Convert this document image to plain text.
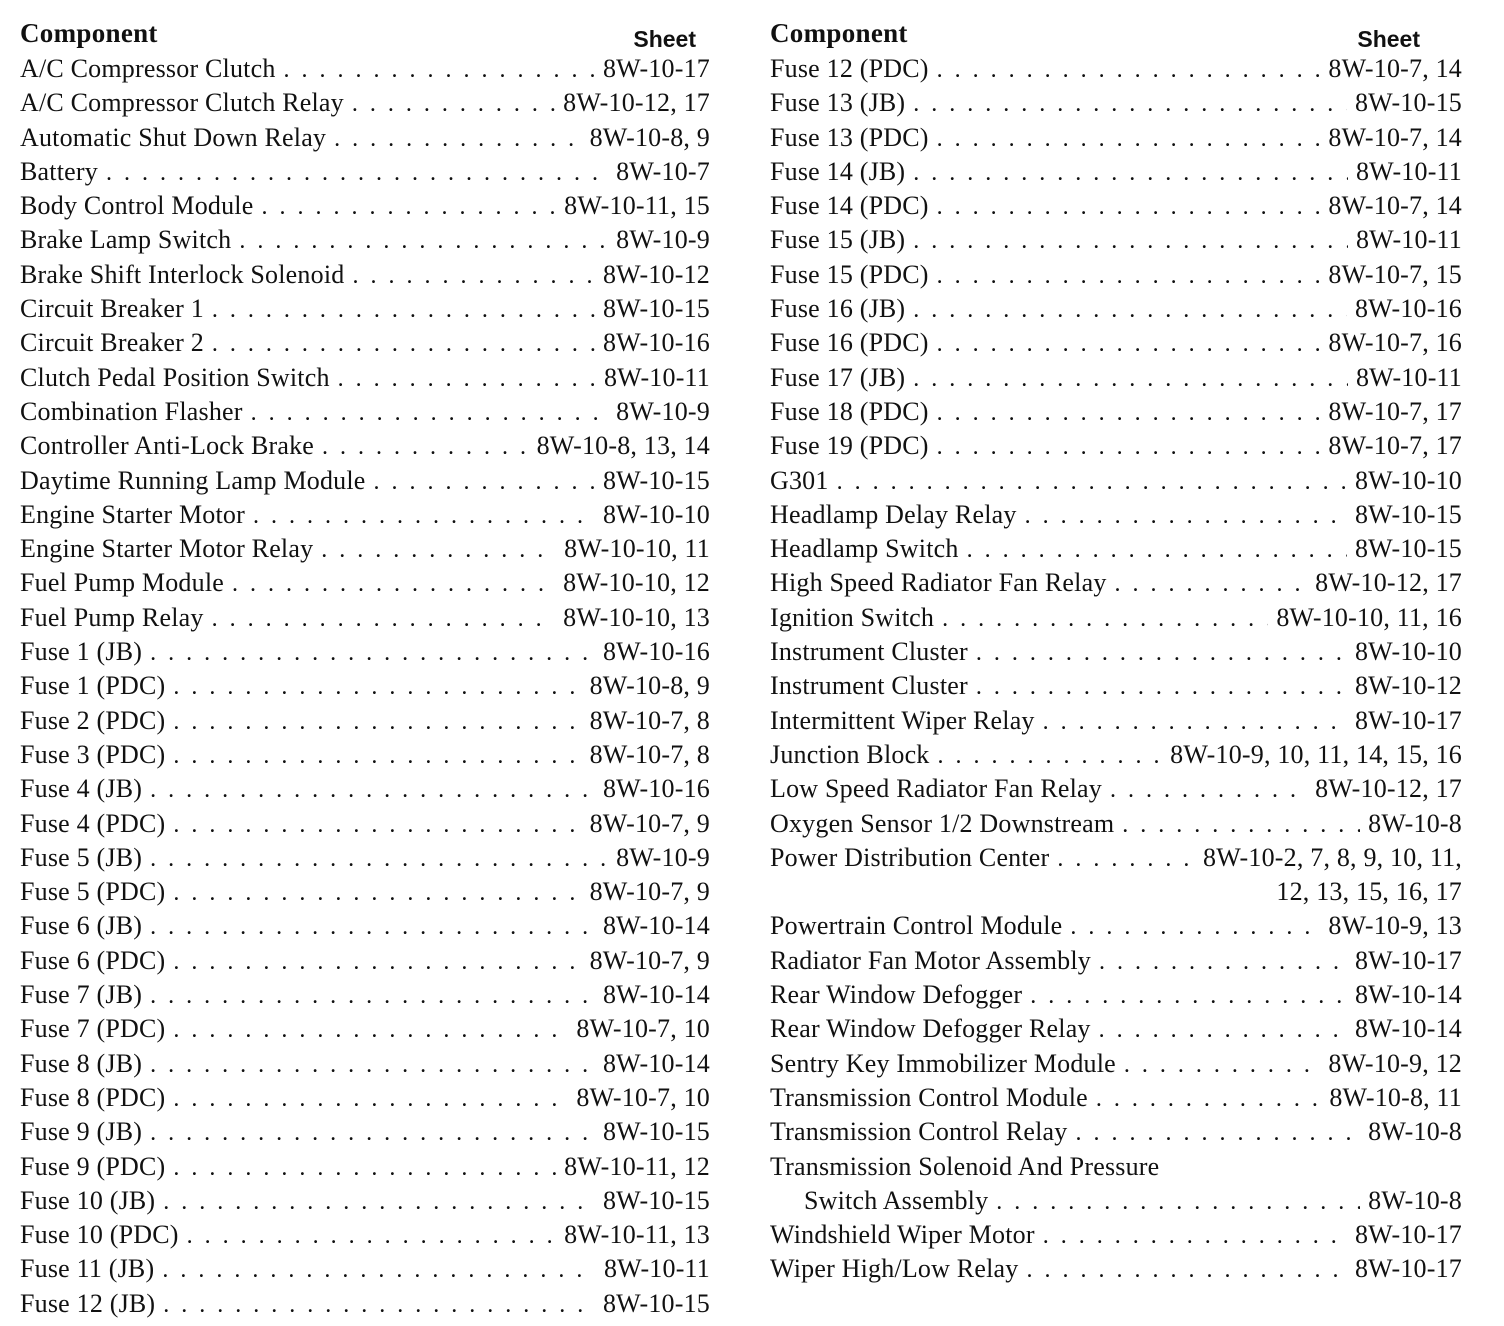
Component	Sheet
A/C Compressor Clutch . . .	8W-10-17
A/C Compressor Clutch Relay . . .	8W-10-12, 17
Automatic Shut Down Relay . . .	8W-10-8, 9
Battery . . .	8W-10-7
Body Control Module . . .	8W-10-11, 15
Brake Lamp Switch . . .	8W-10-9
Brake Shift Interlock Solenoid . . .	8W-10-12
Circuit Breaker 1 . . .	8W-10-15
Circuit Breaker 2 . . .	8W-10-16
Clutch Pedal Position Switch . . .	8W-10-11
Combination Flasher . . .	8W-10-9
Controller Anti-Lock Brake . . .	8W-10-8, 13, 14
Daytime Running Lamp Module . . .	8W-10-15
Engine Starter Motor . . .	8W-10-10
Engine Starter Motor Relay . . .	8W-10-10, 11
Fuel Pump Module . . .	8W-10-10, 12
Fuel Pump Relay . . .	8W-10-10, 13
Fuse 1 (JB) . . .	8W-10-16
Fuse 1 (PDC) . . .	8W-10-8, 9
Fuse 2 (PDC) . . .	8W-10-7, 8
Fuse 3 (PDC) . . .	8W-10-7, 8
Fuse 4 (JB) . . .	8W-10-16
Fuse 4 (PDC) . . .	8W-10-7, 9
Fuse 5 (JB) . . .	8W-10-9
Fuse 5 (PDC) . . .	8W-10-7, 9
Fuse 6 (JB) . . .	8W-10-14
Fuse 6 (PDC) . . .	8W-10-7, 9
Fuse 7 (JB) . . .	8W-10-14
Fuse 7 (PDC) . . .	8W-10-7, 10
Fuse 8 (JB) . . .	8W-10-14
Fuse 8 (PDC) . . .	8W-10-7, 10
Fuse 9 (JB) . . .	8W-10-15
Fuse 9 (PDC) . . .	8W-10-11, 12
Fuse 10 (JB) . . .	8W-10-15
Fuse 10 (PDC) . . .	8W-10-11, 13
Fuse 11 (JB) . . .	8W-10-11
Fuse 12 (JB) . . .	8W-10-15
Component	Sheet
Fuse 12 (PDC) . . .	8W-10-7, 14
Fuse 13 (JB) . . .	8W-10-15
Fuse 13 (PDC) . . .	8W-10-7, 14
Fuse 14 (JB) . . .	8W-10-11
Fuse 14 (PDC) . . .	8W-10-7, 14
Fuse 15 (JB) . . .	8W-10-11
Fuse 15 (PDC) . . .	8W-10-7, 15
Fuse 16 (JB) . . .	8W-10-16
Fuse 16 (PDC) . . .	8W-10-7, 16
Fuse 17 (JB) . . .	8W-10-11
Fuse 18 (PDC) . . .	8W-10-7, 17
Fuse 19 (PDC) . . .	8W-10-7, 17
G301 . . .	8W-10-10
Headlamp Delay Relay . . .	8W-10-15
Headlamp Switch . . .	8W-10-15
High Speed Radiator Fan Relay . . .	8W-10-12, 17
Ignition Switch . . .	8W-10-10, 11, 16
Instrument Cluster . . .	8W-10-10
Instrument Cluster . . .	8W-10-12
Intermittent Wiper Relay . . .	8W-10-17
Junction Block . . .	8W-10-9, 10, 11, 14, 15, 16
Low Speed Radiator Fan Relay . . .	8W-10-12, 17
Oxygen Sensor 1/2 Downstream . . .	8W-10-8
Power Distribution Center . . .	8W-10-2, 7, 8, 9, 10, 11,
12, 13, 15, 16, 17
Powertrain Control Module . . .	8W-10-9, 13
Radiator Fan Motor Assembly . . .	8W-10-17
Rear Window Defogger . . .	8W-10-14
Rear Window Defogger Relay . . .	8W-10-14
Sentry Key Immobilizer Module . . .	8W-10-9, 12
Transmission Control Module . . .	8W-10-8, 11
Transmission Control Relay . . .	8W-10-8
Transmission Solenoid And Pressure
Switch Assembly . . .	8W-10-8
Windshield Wiper Motor . . .	8W-10-17
Wiper High/Low Relay . . .	8W-10-17
